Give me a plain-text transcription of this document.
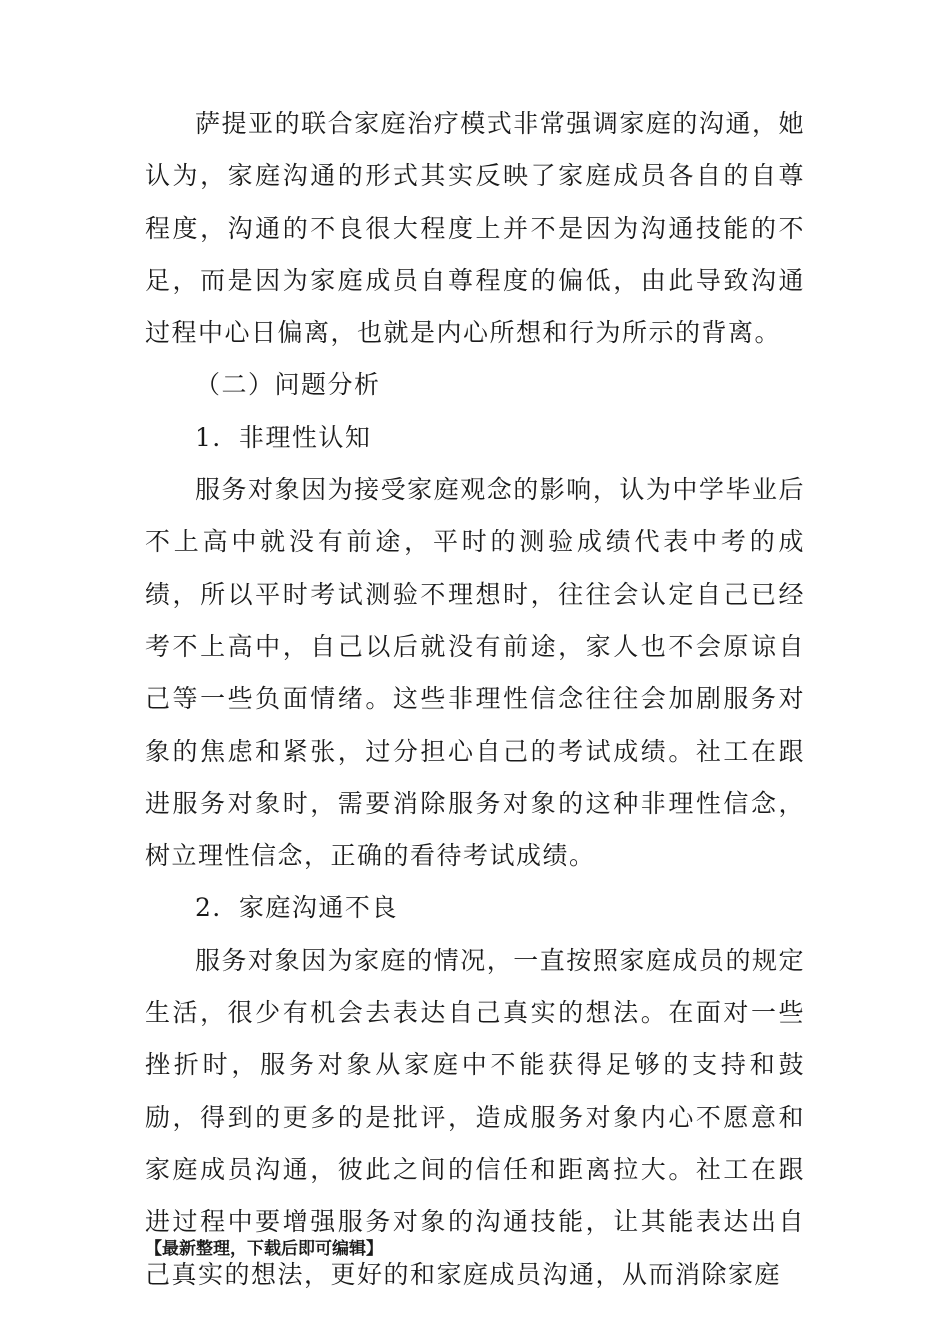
萨提亚的联合家庭治疗模式非常强调家庭的沟通，她认为，家庭沟通的形式其实反映了家庭成员各自的自尊程度，沟通的不良很大程度上并不是因为沟通技能的不足，而是因为家庭成员自尊程度的偏低，由此导致沟通过程中心日偏离，也就是内心所想和行为所示的背离。

（二）问题分析

1．非理性认知

服务对象因为接受家庭观念的影响，认为中学毕业后不上高中就没有前途，平时的测验成绩代表中考的成绩，所以平时考试测验不理想时，往往会认定自己已经考不上高中，自己以后就没有前途，家人也不会原谅自己等一些负面情绪。这些非理性信念往往会加剧服务对象的焦虑和紧张，过分担心自己的考试成绩。社工在跟进服务对象时，需要消除服务对象的这种非理性信念，树立理性信念，正确的看待考试成绩。

2．家庭沟通不良

服务对象因为家庭的情况，一直按照家庭成员的规定生活，很少有机会去表达自己真实的想法。在面对一些挫折时，服务对象从家庭中不能获得足够的支持和鼓励，得到的更多的是批评，造成服务对象内心不愿意和家庭成员沟通，彼此之间的信任和距离拉大。社工在跟进过程中要增强服务对象的沟通技能，让其能表达出自己真实的想法，更好的和家庭成员沟通，从而消除家庭

【最新整理，下载后即可编辑】
